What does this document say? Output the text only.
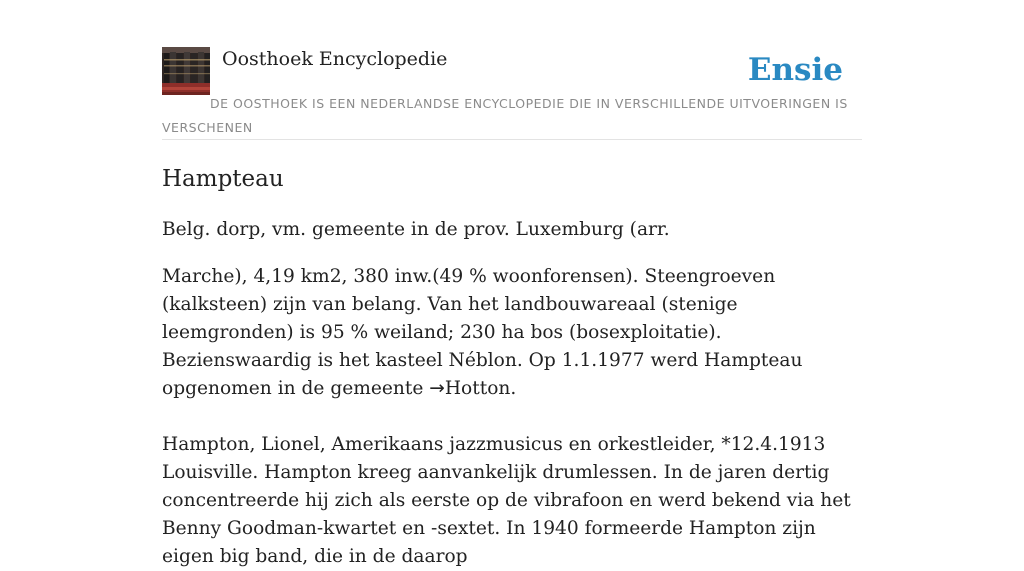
Oosthoek Encyclopedie	Ensie
DE OOSTHOEK IS EEN NEDERLANDSE ENCYCLOPEDIE DIE IN VERSCHILLENDE UITVOERINGEN IS VERSCHENEN
Hampteau

Belg. dorp, vm. gemeente in de prov. Luxemburg (arr.

Marche), 4,19 km2, 380 inw.(49 % woonforensen). Steengroeven (kalksteen) zijn van belang. Van het landbouwareaal (stenige leemgronden) is 95 % weiland; 230 ha bos (bosexploitatie). Bezienswaardig is het kasteel Néblon. Op 1.1.1977 werd Hampteau opgenomen in de gemeente →Hotton.

Hampton, Lionel, Amerikaans jazzmusicus en orkestleider, *12.4.1913 Louisville. Hampton kreeg aanvankelijk drumlessen. In de jaren dertig concentreerde hij zich als eerste op de vibrafoon en werd bekend via het Benny Goodman-kwartet en -sextet. In 1940 formeerde Hampton zijn eigen big band, die in de daarop
